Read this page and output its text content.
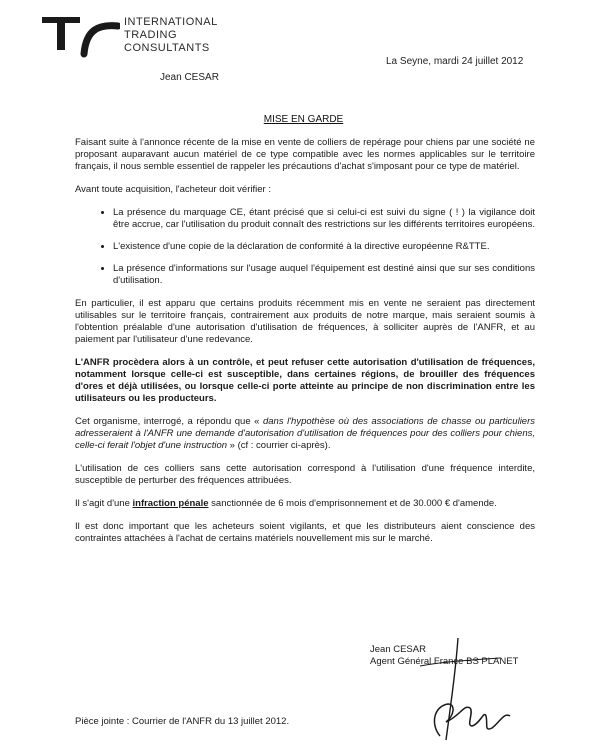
INTERNATIONAL
TRADING
CONSULTANTS
Jean CESAR
La Seyne, mardi 24 juillet 2012
MISE EN GARDE

Faisant suite à l'annonce récente de la mise en vente de colliers de repérage pour chiens par une société ne proposant auparavant aucun matériel de ce type compatible avec les normes applicables sur le territoire français, il nous semble essentiel de rappeler les précautions d'achat s'imposant pour ce type de matériel.

Avant toute acquisition, l'acheteur doit vérifier :

• La présence du marquage CE, étant précisé que si celui-ci est suivi du signe ( ! ) la vigilance doit être accrue, car l'utilisation du produit connaît des restrictions sur les différents territoires européens.
• L'existence d'une copie de la déclaration de conformité à la directive européenne R&TTE.
• La présence d'informations sur l'usage auquel l'équipement est destiné ainsi que sur ses conditions d'utilisation.

En particulier, il est apparu que certains produits récemment mis en vente ne seraient pas directement utilisables sur le territoire français, contrairement aux produits de notre marque, mais seraient soumis à l'obtention préalable d'une autorisation d'utilisation de fréquences, à solliciter auprès de l'ANFR, et au paiement par l'utilisateur d'une redevance.

L'ANFR procèdera alors à un contrôle, et peut refuser cette autorisation d'utilisation de fréquences, notamment lorsque celle-ci est susceptible, dans certaines régions, de brouiller des fréquences d'ores et déjà utilisées, ou lorsque celle-ci porte atteinte au principe de non discrimination entre les utilisateurs ou les producteurs.

Cet organisme, interrogé, a répondu que « dans l'hypothèse où des associations de chasse ou particuliers adresseraient à l'ANFR une demande d'autorisation d'utilisation de fréquences pour des colliers pour chiens, celle-ci ferait l'objet d'une instruction » (cf : courrier ci-après).

L'utilisation de ces colliers sans cette autorisation correspond à l'utilisation d'une fréquence interdite, susceptible de perturber des fréquences attribuées.

Il s'agit d'une infraction pénale sanctionnée de 6 mois d'emprisonnement et de 30.000 € d'amende.

Il est donc important que les acheteurs soient vigilants, et que les distributeurs aient conscience des contraintes attachées à l'achat de certains matériels nouvellement mis sur le marché.

Jean CESAR
Agent Général France BS PLANET
Pièce jointe : Courrier de l'ANFR du 13 juillet 2012.
